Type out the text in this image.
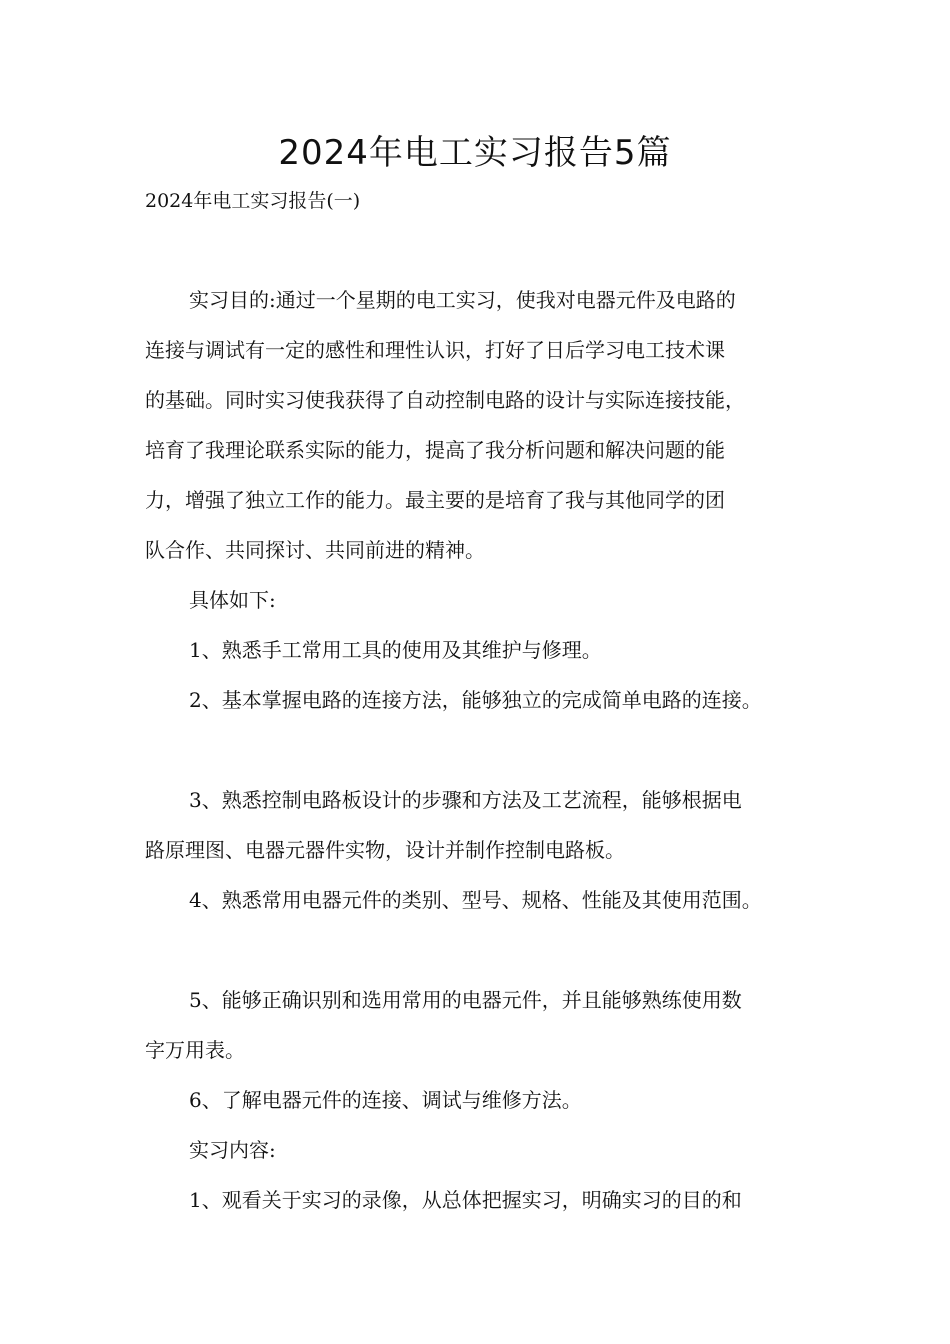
2024年电工实习报告5篇

2024年电工实习报告(一)

实习目的:通过一个星期的电工实习，使我对电器元件及电路的

连接与调试有一定的感性和理性认识，打好了日后学习电工技术课

的基础。同时实习使我获得了自动控制电路的设计与实际连接技能，

培育了我理论联系实际的能力，提高了我分析问题和解决问题的能

力，增强了独立工作的能力。最主要的是培育了我与其他同学的团

队合作、共同探讨、共同前进的精神。

具体如下:

1、熟悉手工常用工具的使用及其维护与修理。

2、基本掌握电路的连接方法，能够独立的完成简单电路的连接。

3、熟悉控制电路板设计的步骤和方法及工艺流程，能够根据电

路原理图、电器元器件实物，设计并制作控制电路板。

4、熟悉常用电器元件的类别、型号、规格、性能及其使用范围。

5、能够正确识别和选用常用的电器元件，并且能够熟练使用数

字万用表。

6、了解电器元件的连接、调试与维修方法。

实习内容:

1、观看关于实习的录像，从总体把握实习，明确实习的目的和
